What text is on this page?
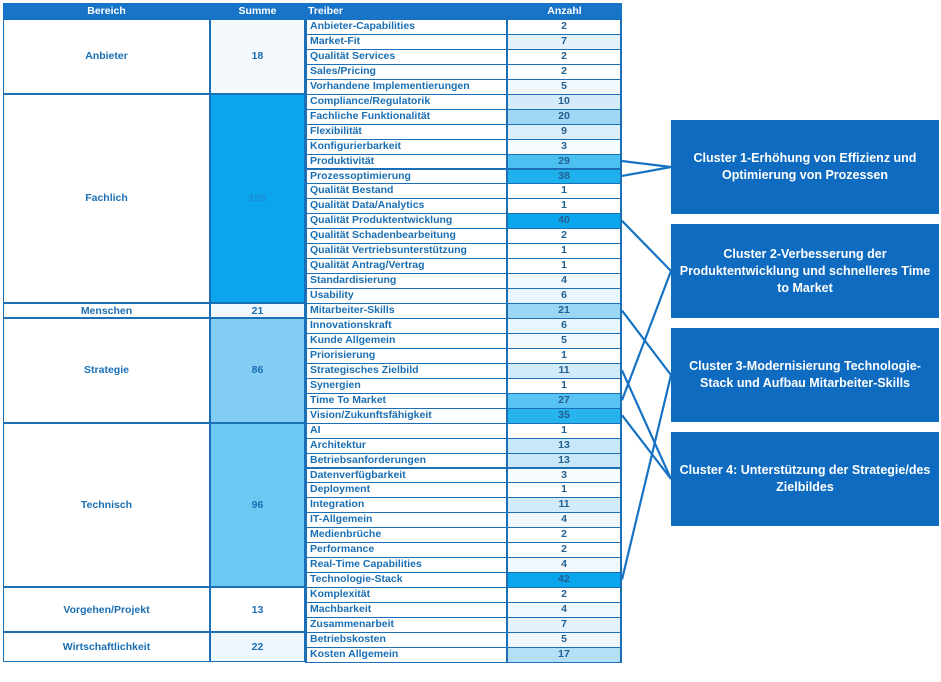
Bereich	Summe	Treiber	Anzahl
Anbieter	18
Anbieter-Capabilities	2
Market-Fit	7
Qualität Services	2
Sales/Pricing	2
Vorhandene Implementierungen	5
Fachlich	165
Compliance/Regulatorik	10
Fachliche Funktionalität	20
Flexibilität	9
Konfigurierbarkeit	3
Produktivität	29
Prozessoptimierung	38
Qualität Bestand	1
Qualität Data/Analytics	1
Qualität Produktentwicklung	40
Qualität Schadenbearbeitung	2
Qualität Vertriebsunterstützung	1
Qualität Antrag/Vertrag	1
Standardisierung	4
Usability	6
Menschen	21	Mitarbeiter-Skills	21
Strategie	86
Innovationskraft	6
Kunde Allgemein	5
Priorisierung	1
Strategisches Zielbild	11
Synergien	1
Time To Market	27
Vision/Zukunftsfähigkeit	35
Technisch	96
AI	1
Architektur	13
Betriebsanforderungen	13
Datenverfügbarkeit	3
Deployment	1
Integration	11
IT-Allgemein	4
Medienbrüche	2
Performance	2
Real-Time Capabilities	4
Technologie-Stack	42
Vorgehen/Projekt	13
Komplexität	2
Machbarkeit	4
Zusammenarbeit	7
Wirtschaftlichkeit	22
Betriebskosten	5
Kosten Allgemein	17
Cluster 1-Erhöhung von Effizienz und Optimierung von Prozessen
Cluster 2-Verbesserung der Produktentwicklung und schnelleres Time to Market
Cluster 3-Modernisierung Technologie-Stack und Aufbau Mitarbeiter-Skills
Cluster 4: Unterstützung der Strategie/des Zielbildes
